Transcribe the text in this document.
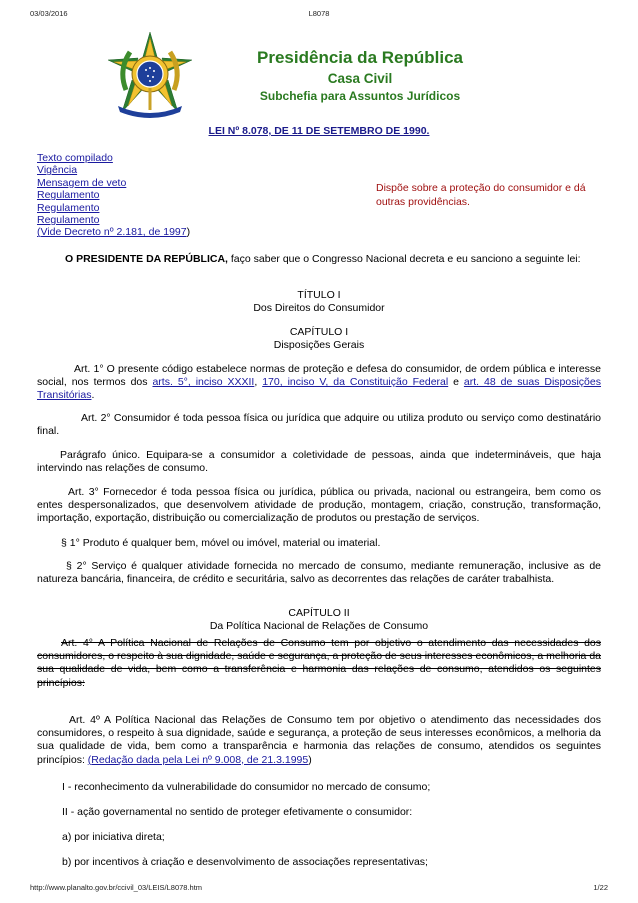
03/03/2016	L8078
Presidência da República
Casa Civil
Subchefia para Assuntos Jurídicos
LEI Nº 8.078, DE 11 DE SETEMBRO DE 1990.
Texto compilado
Vigência
Mensagem de veto
Regulamento
Regulamento
Regulamento
(Vide Decreto nº 2.181, de 1997)
Dispõe sobre a proteção do consumidor e dá outras providências.
O PRESIDENTE DA REPÚBLICA, faço saber que o Congresso Nacional decreta e eu sanciono a seguinte lei:
TÍTULO I
Dos Direitos do Consumidor
CAPÍTULO I
Disposições Gerais
Art. 1° O presente código estabelece normas de proteção e defesa do consumidor, de ordem pública e interesse social, nos termos dos arts. 5°, inciso XXXII, 170, inciso V, da Constituição Federal e art. 48 de suas Disposições Transitórias.
Art. 2° Consumidor é toda pessoa física ou jurídica que adquire ou utiliza produto ou serviço como destinatário final.
Parágrafo único. Equipara-se a consumidor a coletividade de pessoas, ainda que indetermináveis, que haja intervindo nas relações de consumo.
Art. 3° Fornecedor é toda pessoa física ou jurídica, pública ou privada, nacional ou estrangeira, bem como os entes despersonalizados, que desenvolvem atividade de produção, montagem, criação, construção, transformação, importação, exportação, distribuição ou comercialização de produtos ou prestação de serviços.
§ 1° Produto é qualquer bem, móvel ou imóvel, material ou imaterial.
§ 2° Serviço é qualquer atividade fornecida no mercado de consumo, mediante remuneração, inclusive as de natureza bancária, financeira, de crédito e securitária, salvo as decorrentes das relações de caráter trabalhista.
CAPÍTULO II
Da Política Nacional de Relações de Consumo
Art. 4° A Política Nacional de Relações de Consumo tem por objetivo o atendimento das necessidades dos consumidores, o respeito à sua dignidade, saúde e segurança, a proteção de seus interesses econômicos, a melhoria da sua qualidade de vida, bem como a transferência e harmonia das relações de consumo, atendidos os seguintes princípios:
Art. 4º A Política Nacional das Relações de Consumo tem por objetivo o atendimento das necessidades dos consumidores, o respeito à sua dignidade, saúde e segurança, a proteção de seus interesses econômicos, a melhoria da sua qualidade de vida, bem como a transparência e harmonia das relações de consumo, atendidos os seguintes princípios: (Redação dada pela Lei nº 9.008, de 21.3.1995)
I - reconhecimento da vulnerabilidade do consumidor no mercado de consumo;
II - ação governamental no sentido de proteger efetivamente o consumidor:
a) por iniciativa direta;
b) por incentivos à criação e desenvolvimento de associações representativas;
http://www.planalto.gov.br/ccivil_03/LEIS/L8078.htm	1/22
